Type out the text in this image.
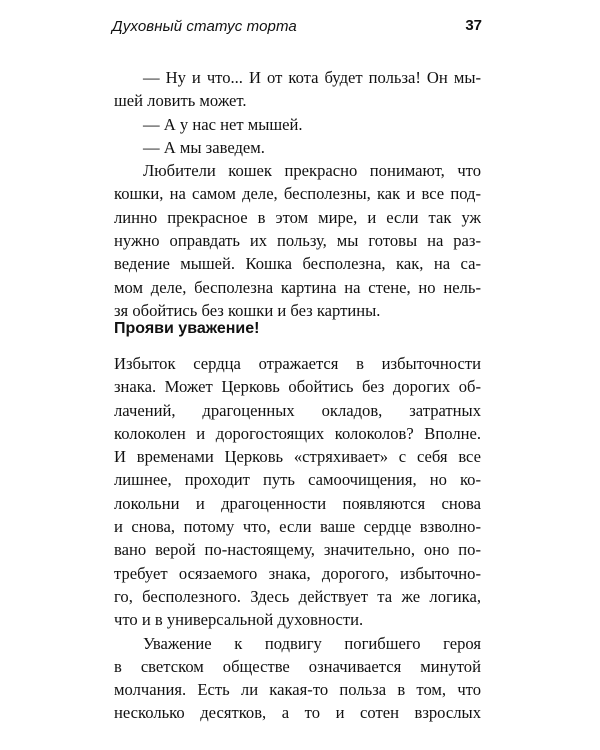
Духовный статус торта	37
— Ну и что... И от кота будет польза! Он мы-
шей ловить может.
— А у нас нет мышей.
— А мы заведем.
Любители кошек прекрасно понимают, что
кошки, на самом деле, бесполезны, как и все под-
линно прекрасное в этом мире, и если так уж
нужно оправдать их пользу, мы готовы на раз-
ведение мышей. Кошка бесполезна, как, на са-
мом деле, бесполезна картина на стене, но нель-
зя обойтись без кошки и без картины.
Прояви уважение!
Избыток сердца отражается в избыточности
знака. Может Церковь обойтись без дорогих об-
лачений, драгоценных окладов, затратных
колоколен и дорогостоящих колоколов? Вполне.
И временами Церковь «стряхивает» с себя все
лишнее, проходит путь самоочищения, но ко-
локольни и драгоценности появляются снова
и снова, потому что, если ваше сердце взволно-
вано верой по-настоящему, значительно, оно по-
требует осязаемого знака, дорогого, избыточно-
го, бесполезного. Здесь действует та же логика,
что и в универсальной духовности.
Уважение к подвигу погибшего героя
в светском обществе означивается минутой
молчания. Есть ли какая-то польза в том, что
несколько десятков, а то и сотен взрослых
